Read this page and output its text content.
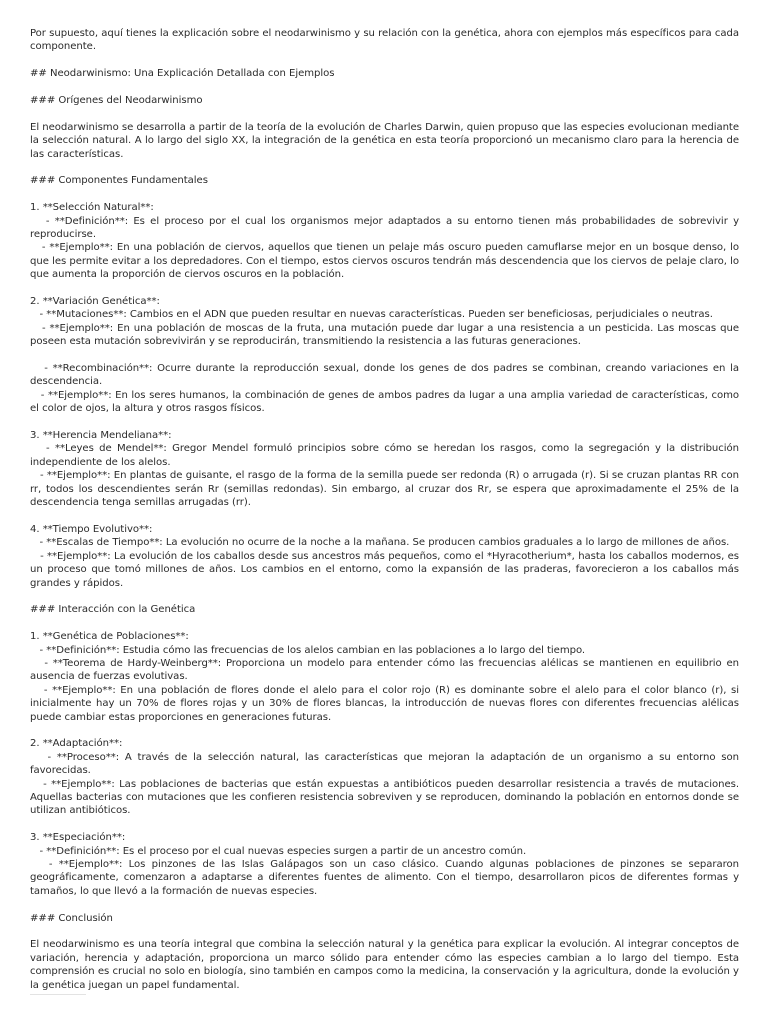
Por supuesto, aquí tienes la explicación sobre el neodarwinismo y su relación con la genética, ahora con ejemplos más específicos para cada componente.

## Neodarwinismo: Una Explicación Detallada con Ejemplos

### Orígenes del Neodarwinismo

El neodarwinismo se desarrolla a partir de la teoría de la evolución de Charles Darwin, quien propuso que las especies evolucionan mediante la selección natural. A lo largo del siglo XX, la integración de la genética en esta teoría proporcionó un mecanismo claro para la herencia de las características.

### Componentes Fundamentales

1. **Selección Natural**:
- **Definición**: Es el proceso por el cual los organismos mejor adaptados a su entorno tienen más probabilidades de sobrevivir y reproducirse.
- **Ejemplo**: En una población de ciervos, aquellos que tienen un pelaje más oscuro pueden camuflarse mejor en un bosque denso, lo que les permite evitar a los depredadores. Con el tiempo, estos ciervos oscuros tendrán más descendencia que los ciervos de pelaje claro, lo que aumenta la proporción de ciervos oscuros en la población.

2. **Variación Genética**:
- **Mutaciones**: Cambios en el ADN que pueden resultar en nuevas características. Pueden ser beneficiosas, perjudiciales o neutras.
- **Ejemplo**: En una población de moscas de la fruta, una mutación puede dar lugar a una resistencia a un pesticida. Las moscas que poseen esta mutación sobrevivirán y se reproducirán, transmitiendo la resistencia a las futuras generaciones.

- **Recombinación**: Ocurre durante la reproducción sexual, donde los genes de dos padres se combinan, creando variaciones en la descendencia.
- **Ejemplo**: En los seres humanos, la combinación de genes de ambos padres da lugar a una amplia variedad de características, como el color de ojos, la altura y otros rasgos físicos.

3. **Herencia Mendeliana**:
- **Leyes de Mendel**: Gregor Mendel formuló principios sobre cómo se heredan los rasgos, como la segregación y la distribución independiente de los alelos.
- **Ejemplo**: En plantas de guisante, el rasgo de la forma de la semilla puede ser redonda (R) o arrugada (r). Si se cruzan plantas RR con rr, todos los descendientes serán Rr (semillas redondas). Sin embargo, al cruzar dos Rr, se espera que aproximadamente el 25% de la descendencia tenga semillas arrugadas (rr).

4. **Tiempo Evolutivo**:
- **Escalas de Tiempo**: La evolución no ocurre de la noche a la mañana. Se producen cambios graduales a lo largo de millones de años.
- **Ejemplo**: La evolución de los caballos desde sus ancestros más pequeños, como el *Hyracotherium*, hasta los caballos modernos, es un proceso que tomó millones de años. Los cambios en el entorno, como la expansión de las praderas, favorecieron a los caballos más grandes y rápidos.

### Interacción con la Genética

1. **Genética de Poblaciones**:
- **Definición**: Estudia cómo las frecuencias de los alelos cambian en las poblaciones a lo largo del tiempo.
- **Teorema de Hardy-Weinberg**: Proporciona un modelo para entender cómo las frecuencias alélicas se mantienen en equilibrio en ausencia de fuerzas evolutivas.
- **Ejemplo**: En una población de flores donde el alelo para el color rojo (R) es dominante sobre el alelo para el color blanco (r), si inicialmente hay un 70% de flores rojas y un 30% de flores blancas, la introducción de nuevas flores con diferentes frecuencias alélicas puede cambiar estas proporciones en generaciones futuras.

2. **Adaptación**:
- **Proceso**: A través de la selección natural, las características que mejoran la adaptación de un organismo a su entorno son favorecidas.
- **Ejemplo**: Las poblaciones de bacterias que están expuestas a antibióticos pueden desarrollar resistencia a través de mutaciones. Aquellas bacterias con mutaciones que les confieren resistencia sobreviven y se reproducen, dominando la población en entornos donde se utilizan antibióticos.

3. **Especiación**:
- **Definición**: Es el proceso por el cual nuevas especies surgen a partir de un ancestro común.
- **Ejemplo**: Los pinzones de las Islas Galápagos son un caso clásico. Cuando algunas poblaciones de pinzones se separaron geográficamente, comenzaron a adaptarse a diferentes fuentes de alimento. Con el tiempo, desarrollaron picos de diferentes formas y tamaños, lo que llevó a la formación de nuevas especies.

### Conclusión

El neodarwinismo es una teoría integral que combina la selección natural y la genética para explicar la evolución. Al integrar conceptos de variación, herencia y adaptación, proporciona un marco sólido para entender cómo las especies cambian a lo largo del tiempo. Esta comprensión es crucial no solo en biología, sino también en campos como la medicina, la conservación y la agricultura, donde la evolución y la genética juegan un papel fundamental.
